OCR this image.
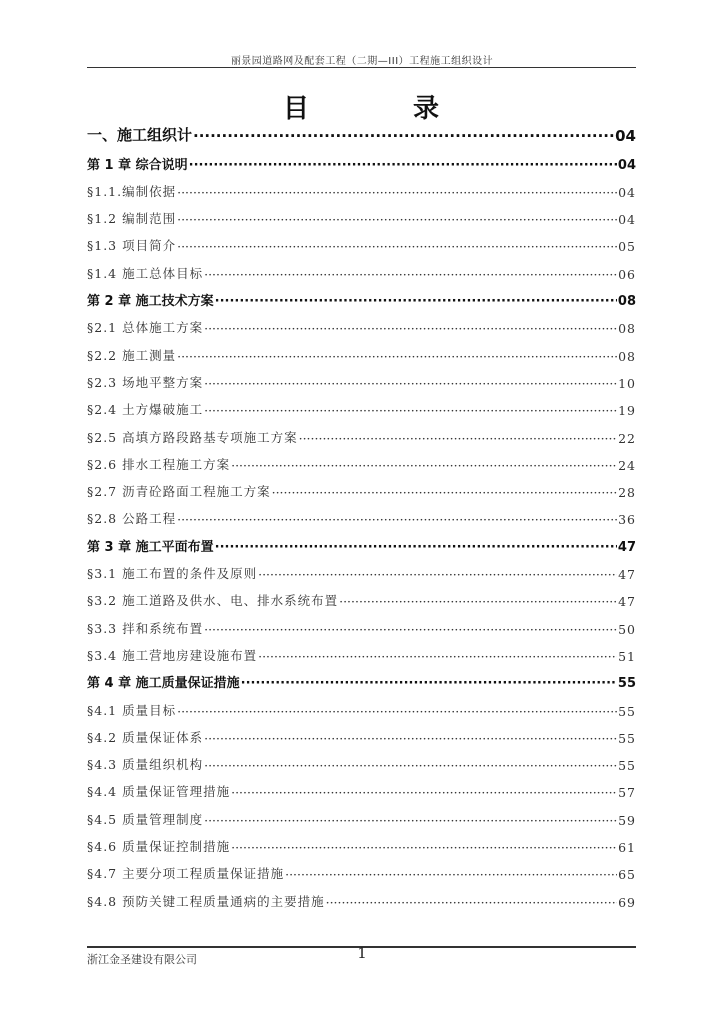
丽景园道路网及配套工程（二期—III）工程施工组织设计
目	录
一、施工组织计 ·····	04
第 1 章 综合说明 ·····	04
§1.1.编制依据 ·····	04
§1.2 编制范围 ·····	04
§1.3 项目简介 ·····	05
§1.4 施工总体目标 ·····	06
第 2 章 施工技术方案 ·····	08
§2.1 总体施工方案 ·····	08
§2.2 施工测量 ·····	08
§2.3 场地平整方案 ·····	10
§2.4 土方爆破施工 ·····	19
§2.5 高填方路段路基专项施工方案 ·····	22
§2.6 排水工程施工方案 ·····	24
§2.7 沥青砼路面工程施工方案 ·····	28
§2.8 公路工程 ·····	36
第 3 章 施工平面布置 ·····	47
§3.1 施工布置的条件及原则 ·····	47
§3.2 施工道路及供水、电、排水系统布置 ·····	47
§3.3 拌和系统布置 ·····	50
§3.4 施工营地房建设施布置 ·····	51
第 4 章 施工质量保证措施 ·····	55
§4.1 质量目标 ·····	55
§4.2 质量保证体系 ·····	55
§4.3 质量组织机构 ·····	55
§4.4 质量保证管理措施 ·····	57
§4.5 质量管理制度 ·····	59
§4.6 质量保证控制措施 ·····	61
§4.7 主要分项工程质量保证措施 ·····	65
§4.8 预防关键工程质量通病的主要措施 ·····	69
浙江金圣建设有限公司	1
